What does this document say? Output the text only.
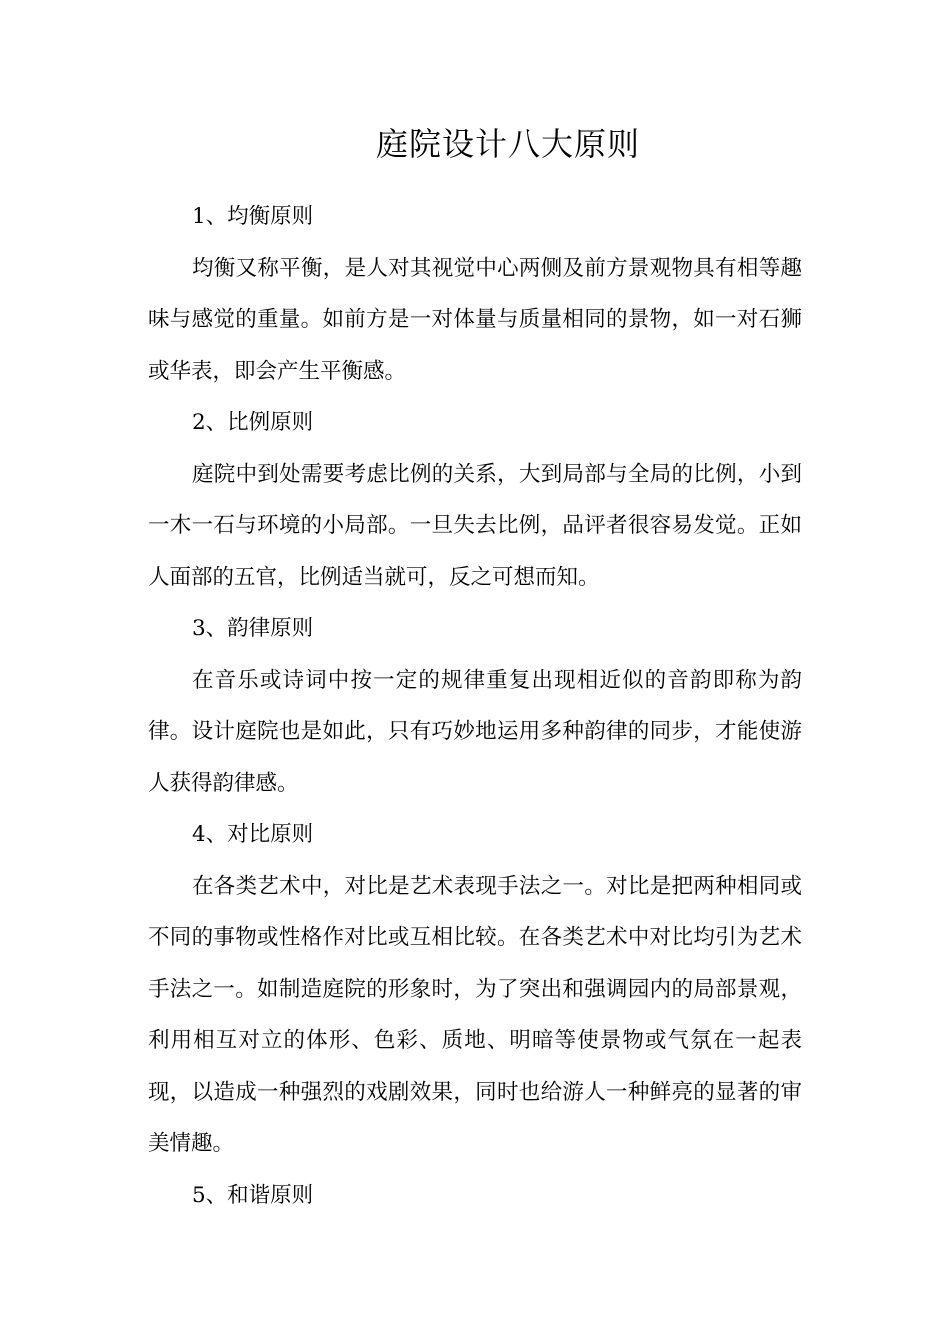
庭院设计八大原则

1、均衡原则

均衡又称平衡，是人对其视觉中心两侧及前方景观物具有相等趣味与感觉的重量。如前方是一对体量与质量相同的景物，如一对石狮或华表，即会产生平衡感。

2、比例原则

庭院中到处需要考虑比例的关系，大到局部与全局的比例，小到一木一石与环境的小局部。一旦失去比例，品评者很容易发觉。正如人面部的五官，比例适当就可，反之可想而知。

3、韵律原则

在音乐或诗词中按一定的规律重复出现相近似的音韵即称为韵律。设计庭院也是如此，只有巧妙地运用多种韵律的同步，才能使游人获得韵律感。

4、对比原则

在各类艺术中，对比是艺术表现手法之一。对比是把两种相同或不同的事物或性格作对比或互相比较。在各类艺术中对比均引为艺术手法之一。如制造庭院的形象时，为了突出和强调园内的局部景观，利用相互对立的体形、色彩、质地、明暗等使景物或气氛在一起表现，以造成一种强烈的戏剧效果，同时也给游人一种鲜亮的显著的审美情趣。

5、和谐原则
